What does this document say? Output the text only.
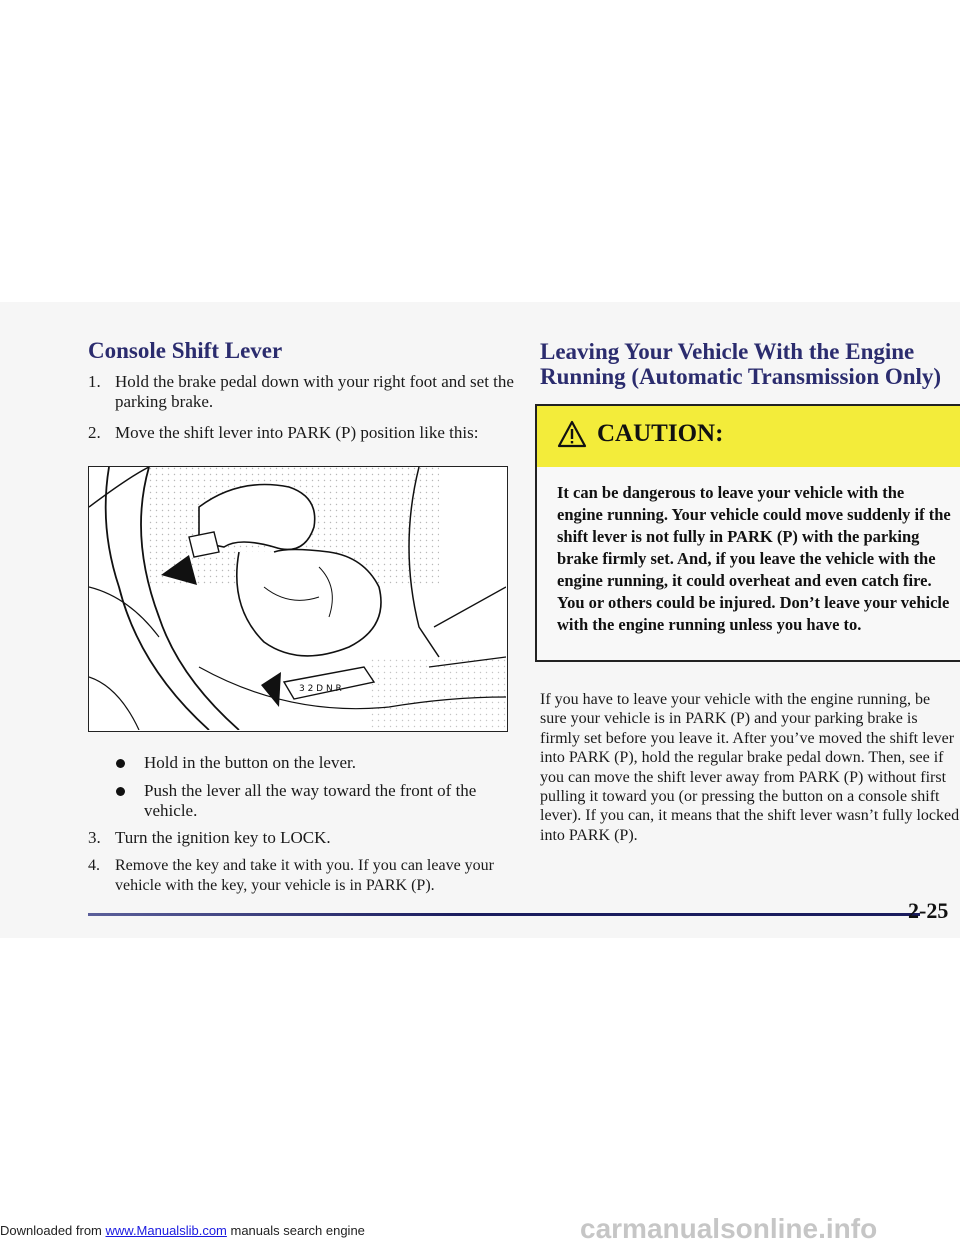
Console Shift Lever
1. Hold the brake pedal down with your right foot and set the parking brake.
2. Move the shift lever into PARK (P) position like this:
3 2 D N R
Hold in the button on the lever.
Push the lever all the way toward the front of the vehicle.
3. Turn the ignition key to LOCK.
4. Remove the key and take it with you. If you can leave your vehicle with the key, your vehicle is in PARK (P).
Leaving Your Vehicle With the Engine Running (Automatic Transmission Only)
CAUTION:
It can be dangerous to leave your vehicle with the engine running. Your vehicle could move suddenly if the shift lever is not fully in PARK (P) with the parking brake firmly set. And, if you leave the vehicle with the engine running, it could overheat and even catch fire. You or others could be injured. Don’t leave your vehicle with the engine running unless you have to.
If you have to leave your vehicle with the engine running, be sure your vehicle is in PARK (P) and your parking brake is firmly set before you leave it. After you’ve moved the shift lever into PARK (P), hold the regular brake pedal down. Then, see if you can move the shift lever away from PARK (P) without first pulling it toward you (or pressing the button on a console shift lever). If you can, it means that the shift lever wasn’t fully locked into PARK (P).
2-25
carmanualsonline.info
Downloaded from www.Manualslib.com manuals search engine
